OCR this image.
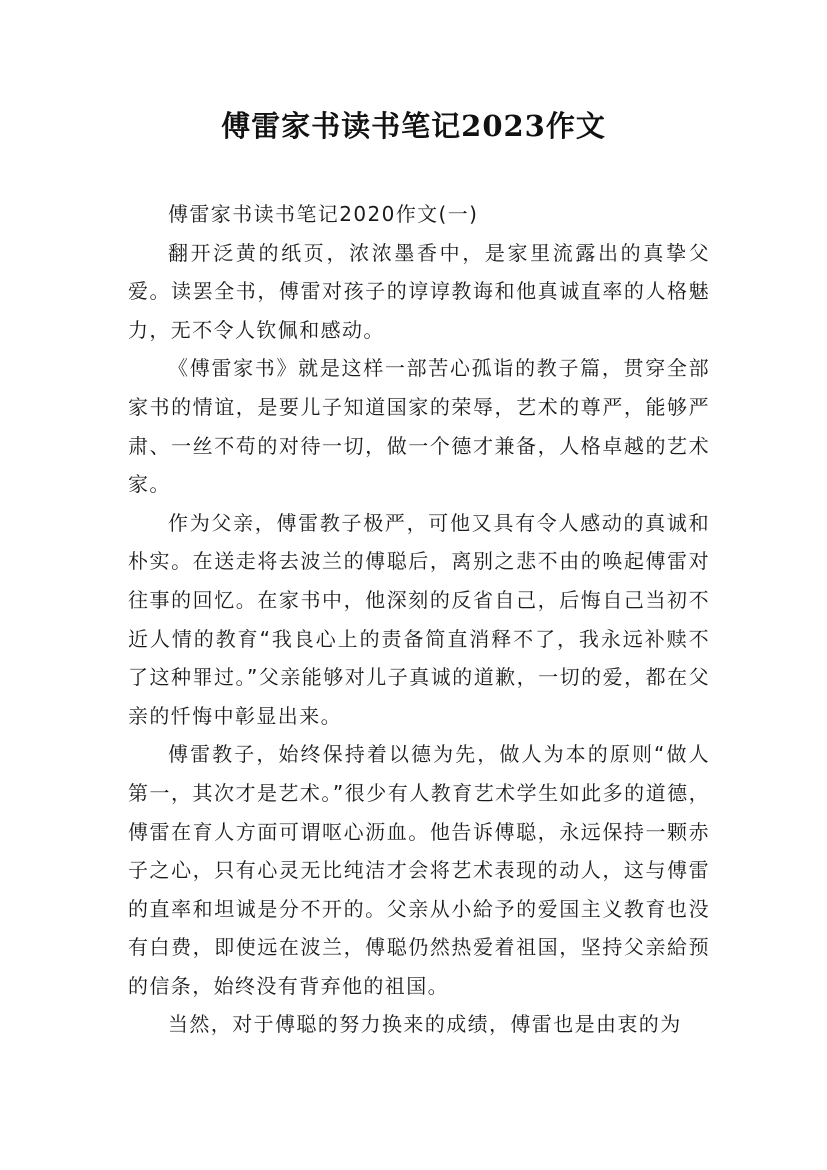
傅雷家书读书笔记2023作文

傅雷家书读书笔记2020作文(一)

翻开泛黄的纸页，浓浓墨香中，是家里流露出的真挚父爱。读罢全书，傅雷对孩子的谆谆教诲和他真诚直率的人格魅力，无不令人钦佩和感动。

《傅雷家书》就是这样一部苦心孤诣的教子篇，贯穿全部家书的情谊，是要儿子知道国家的荣辱，艺术的尊严，能够严肃、一丝不苟的对待一切，做一个德才兼备，人格卓越的艺术家。

作为父亲，傅雷教子极严，可他又具有令人感动的真诚和朴实。在送走将去波兰的傅聪后，离别之悲不由的唤起傅雷对往事的回忆。在家书中，他深刻的反省自己，后悔自己当初不近人情的教育“我良心上的责备简直消释不了，我永远补赎不了这种罪过。”父亲能够对儿子真诚的道歉，一切的爱，都在父亲的忏悔中彰显出来。

傅雷教子，始终保持着以德为先，做人为本的原则“做人第一，其次才是艺术。”很少有人教育艺术学生如此多的道德，傅雷在育人方面可谓呕心沥血。他告诉傅聪，永远保持一颗赤子之心，只有心灵无比纯洁才会将艺术表现的动人，这与傅雷的直率和坦诚是分不开的。父亲从小給予的爱国主义教育也没有白费，即使远在波兰，傅聪仍然热爱着祖国，坚持父亲給预的信条，始终没有背弃他的祖国。

当然，对于傅聪的努力换来的成绩，傅雷也是由衷的为
